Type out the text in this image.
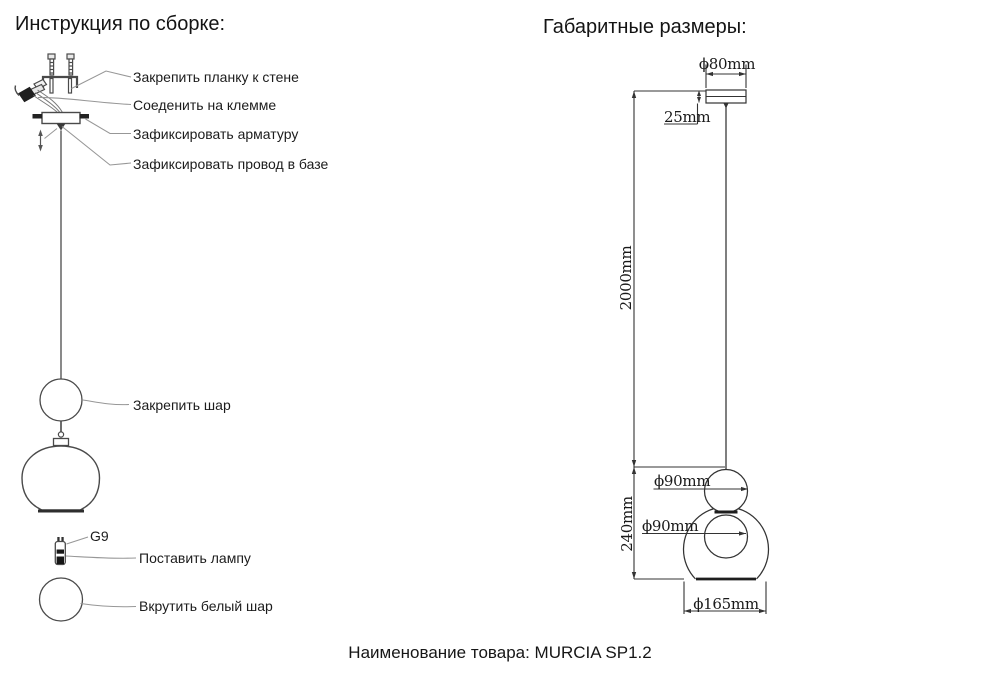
Инструкция по сборке:	Габаритные размеры:
Закрепить планку к стене
Соеденить на клемме
Зафиксировать арматуру
Зафиксировать провод в базе
Закрепить шар
G9
Поставить лампу
Вкрутить белый шар
ϕ80mm
25mm
2000mm
ϕ90mm
ϕ90mm
240mm
ϕ165mm
Наименование товара: MURCIA SP1.2
